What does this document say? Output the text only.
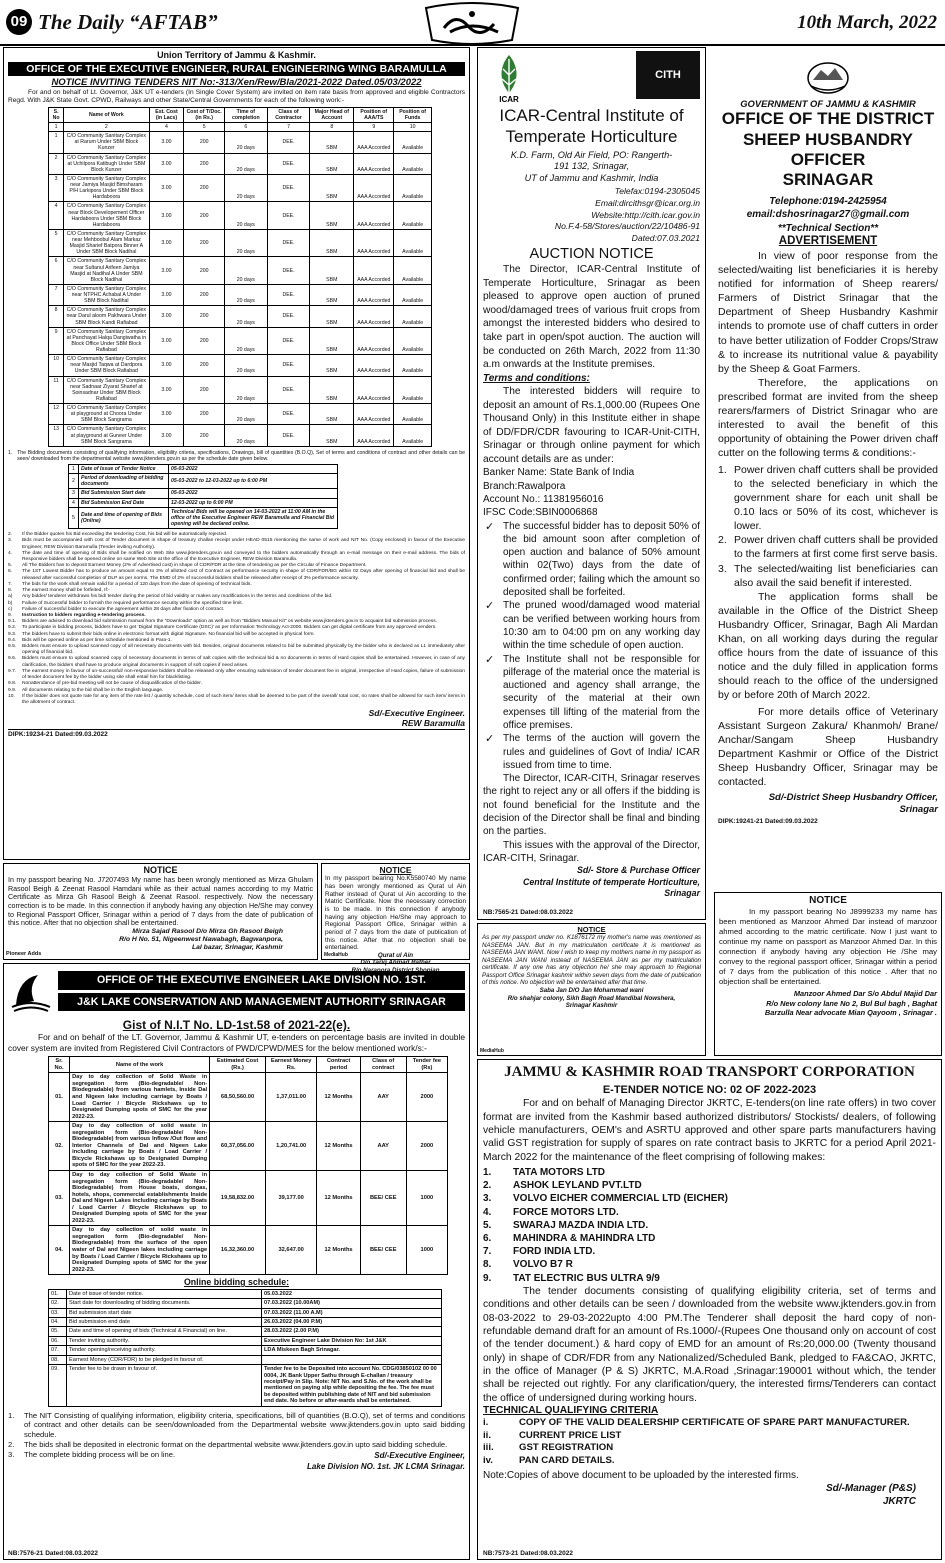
09 The Daily “AFTAB”	10th March, 2022
Union Territory of Jammu & Kashmir.
OFFICE OF THE EXECUTIVE ENGINEER, RURAL ENGINEERING WING BARAMULLA
NOTICE INVITING TENDERS NIT No:-313/Xen/Rew/Bla/2021-2022 Dated.05/03/2022

For and on behalf of Lt. Governor, J&K UT e-tenders (In Single Cover System) are invited on item rate basis from approved and eligible Contractors Regd. With J&K State Govt. CPWD, Railways and other State/Central Governments for each of the following work:-

S. No	Name of Work	Est. Cost (in Lacs)	Cost of T/Doc. (in Rs.)	Time of completion	Class of Contractor	Major Head of Account	Position of AAA/TS	Position of Funds
1	2	4	5	6	7	8	9	10
1	C/O Community Sanitary Complex at Rarum Under SBM Block Kunzer	3.00	200	20 days	DEE.	SBM	AAA Accorded	Available
2	C/O Community Sanitary Complex at Uchilpora Katibugh Under SBM Block Kunzer	3.00	200	20 days	DEE.	SBM	AAA Accorded	Available
3	C/O Community Sanitary Complex near Jamiya Masjid Bimsharam P/H Larkipora Under SBM Block Hardaboora	3.00	200	20 days	DEE.	SBM	AAA Accorded	Available
4	C/O Community Sanitary Complex near Block Developement Officer Hardaboora Under SBM Block Hardaboora	3.00	200	20 days	DEE.	SBM	AAA Accorded	Available
5	C/O Community Sanitary Complex near Mehboobul Alam Markaz Masjid Sharief Batpora Binner A Under SBM Block Nadihal	3.00	200	20 days	DEE.	SBM	AAA Accorded	Available
6	C/O Community Sanitary Complex near Sultanul Arifeen Jamiya Masjid at Nadihal A Under SBM Block Nadihal	3.00	200	20 days	DEE.	SBM	AAA Accorded	Available
7	C/O Community Sanitary Complex near NTPHC Achabal A Under SBM Block Nadihal	3.00	200	20 days	DEE.	SBM	AAA Accorded	Available
8	C/O Community Sanitary Complex near Darul aloom Pakhwara Under SBM Block Kandi Rafiabad	3.00	200	20 days	DEE.	SBM	AAA Accorded	Available
9	C/O Community Sanitary Complex at Panchayat Halqa Dangiwatha in Block Office Under SBM Block Rafiabad	3.00	200	20 days	DEE.	SBM	AAA Accorded	Available
10	C/O Community Sanitary Complex near Masjid Taqwa at Dardpora Under SBM Block Rafiabad	3.00	200	20 days	DEE.	SBM	AAA Accorded	Available
11	C/O Community Sanitary Complex near Sadnaar Ziyarat Sharief at Soinsadnar Under SBM Block Rafiabad	3.00	200	20 days	DEE.	SBM	AAA Accorded	Available
12	C/O Community Sanitary Complex at playground at Choora Under SBM Block Sangrama	3.00	200	20 days	DEE.	SBM	AAA Accorded	Available
13	C/O Community Sanitary Complex at playground at Guneer Under SBM Block Sangrama	3.00	200	20 days	DEE.	SBM	AAA Accorded	Available
1. The Bidding documents consisting of qualifying information, eligibility criteria, specifications, Drawings, bill of quantities (B.O.Q), Set of terms and conditions of contract and other details can be seen/ downloaded from the departmental website www.jktenders.gov.in as per the schedule date given below.
1	Date of Issue of Tender Notice	05-03-2022
2	Period of downloading of bidding documents	05-03-2022 to 12-03-2022 up to 6:00 PM
3	Bid Submission Start date	05-03-2022
4	Bid Submission End Date	12-03-2022 up to 6:00 PM
5	Date and time of opening of Bids (Online)	Technical Bids will be opened on 14-03-2022 at 11:00 AM in the office of the Executive Engineer REW Baramulla and Financial Bid opening will be declared online.
2.	If the Bidder quotes his Bid exceeding the tendering Cost, his bid will be automatically rejected.
3.	Bids must be accompanied with cost of Tender document in shape of treasury challan receipt under HEAD 0515 mentioning the name of work and NIT No. (Copy enclosed) in favour of the Executive Engineer, REW Division Baramulla (Tender inviting Authority).
4.	The date and time of opening of Bids shall be notified on Web Site www.jktenders.gov.in and conveyed to the bidders automatically through an e-mail message on their e-mail address. The bids of Responsive bidders shall be opened online on same Web Site at the office of the Executive Engineer, REW Division Baramulla.
5.	All The Bidders has to deposit Earnest Money (2% of Advertised cost) in shape of CDR/FDR at the time of tendering as per the Circular of Finance Department.
6.	The 1ST Lowest Bidder has to produce an amount equal to 3% of allotted cost of Contract as performance security in shape of CDR/FDR/BG within 02 Days after opening of financial bid and shall be released after successful completion of DLP as per norms. The EMD of 2% of successful bidders shall be released after receipt of 3% performance security.
7.	The bids for the work shall remain valid for a period of 120 days from the date of opening of technical bids.
8.	The earnest money shall be forfeited, If:-
a)	Any bidder/ tenderer withdraws his bid/ tender during the period of bid validity or makes any modifications in the terms and conditions of the bid.
b)	Failure of Successful bidder to furnish the required performance security within the specified time limit.
c)	Failure of successful bidder to execute the agreement within 28 days after fixation of contract.
9.	Instruction to bidders regarding e-tendering process.
9.1.	Bidders are advised to download bid submission manual from the “Downloads” option as well as from “Bidders Manual Kit” on website www.jktenders.gov.in to acquaint bid submission process.
9.2.	To participate in bidding process, bidders have to get ‘Digital Signature Certificate (DSC)’ as per Information Technology Act-2000. Bidders can get digital certificate from any approved venders.
9.3.	The bidders have to submit their bids online in electronic format with digital Signature. No financial bid will be accepted in physical form.
9.4.	Bids will be opened online as per time schedule mentioned in Para-1.
9.5.	Bidders must ensure to upload scanned copy of all necessary documents with bid. Besides, original documents related to bid be submitted physically by the bidder who is declared as L1 immediately after opening of financial bid.
9.6.	Bidders must ensure to upload scanned copy of necessary documents in terms of salt copies with the technical bid & no documents in terms of Hard copies shall be entertained. However, in case of any clarification, the bidders shall have to produce original documents in support of soft copies if need arises.
9.7.	The earnest money in favour of un-successful/ non-responsive bidders shall be released only after ensuring submission of tender document fee in original, irrespective of Hard copies, failure of submission of tender document fee by the bidder using site shall entail him for blacklisting.
9.8.	Nonattendance of pre-bid meeting will not be cause of disqualification of the bidder.
9.9.	All documents relating to the bid shall be in the English language.
10.	If the bidder does not quote rate for any item of the rate list / quantity schedule, cost of such item/ items shall be deemed to be part of the overall/ total cost, no rates shall be allowed for such item/ items in the allotment of contract.
Sd/-Executive Engineer.
REW Baramulla
DIPK:19234-21 Dated:09.03.2022
ICAR
CITH
ICAR-Central Institute of
Temperate Horticulture
K.D. Farm, Old Air Field, PO: Rangerth-
191 132, Srinagar,
UT of Jammu and Kashmir, India
Telefax:0194-2305045
Email:dircithsgr@icar.org.in
Website:http://cith.icar.gov.in
No.F.4-58/Stores/auction/22/10486-91
Dated:07.03.2021
AUCTION NOTICE

The Director, ICAR-Central Institute of Temperate Horticulture, Srinagar as been pleased to approve open auction of pruned wood/damaged trees of various fruit crops from amongst the interested bidders who desired to take part in open/spot auction. The auction will be conducted on 26th March, 2022 from 11:30 a.m onwards at the Institute premises.

Terms and conditions:

The interested bidders will require to deposit an amount of Rs.1,000.00 (Rupees One Thousand Only) in this Institute either in shape of DD/FDR/CDR favouring to ICAR-Unit-CITH, Srinagar or through online payment for which account details are as under:

Banker Name: State Bank of India
Branch:Rawalpora
Account No.: 11381956016
IFSC Code:SBIN0006868

✓ The successful bidder has to deposit 50% of the bid amount soon after completion of open auction and balance of 50% amount within 02(Two) days from the date of confirmed order; failing which the amount so deposited shall be forfeited.

✓ The pruned wood/damaged wood material can be verified between working hours from 10:30 am to 04:00 pm on any working day within the time schedule of open auction.

✓ The Institute shall not be responsible for pilferage of the material once the material is auctioned and agency shall arrange, the security of the material at their own expenses till lifting of the material from the office premises.

✓ The terms of the auction will govern the rules and guidelines of Govt of India/ ICAR issued from time to time.

The Director, ICAR-CITH, Srinagar reserves the right to reject any or all offers if the bidding is not found beneficial for the Institute and the decision of the Director shall be final and binding on the parties.

This issues with the approval of the Director, ICAR-CITH, Srinagar.

Sd/- Store & Purchase Officer
Central Institute of temperate Horticulture,
Srinagar
NB:7565-21 Dated:08.03.2022
GOVERNMENT OF JAMMU & KASHMIR
OFFICE OF THE DISTRICT
SHEEP HUSBANDRY OFFICER
SRINAGAR
Telephone:0194-2425954
email:dshosrinagar27@gmail.com
**Technical Section**
ADVERTISEMENT

In view of poor response from the selected/waiting list beneficiaries it is hereby notified for information of Sheep rearers/ Farmers of District Srinagar that the Department of Sheep Husbandry Kashmir intends to promote use of chaff cutters in order to have better utilization of Fodder Crops/Straw & to increase its nutritional value & payability by the Sheep & Goat Farmers.

Therefore, the applications on prescribed format are invited from the sheep rearers/farmers of District Srinagar who are interested to avail the benefit of this opportunity of obtaining the Power driven chaff cutter on the following terms & conditions:-

1. Power driven chaff cutters shall be provided to the selected beneficiary in which the government share for each unit shall be 0.10 lacs or 50% of its cost, whichever is lower.
2. Power driven chaff cutters shall be provided to the farmers at first come first serve basis.
3. The selected/waiting list beneficiaries can also avail the said benefit if interested.

The application forms shall be available in the Office of the District Sheep Husbandry Officer, Srinagar, Bagh Ali Mardan Khan, on all working days during the regular office hours from the date of issuance of this notice and the duly filled in application forms should reach to the office of the undersigned by or before 20th of March 2022.

For more details office of Veterinary Assistant Surgeon Zakura/ Khanmoh/ Brane/ Anchar/Sangam Sheep Husbandry Department Kashmir or Office of the District Sheep Husbandry Officer, Srinagar may be contacted.

Sd/-District Sheep Husbandry Officer,
Srinagar
DIPK:19241-21 Dated:09.03.2022
NOTICE

In my passport bearing No. J7207493 My name has been wrongly mentioned as Mirza Ghulam Rasool Beigh & Zeenat Rasool Hamdani while as their actual names according to my Matric Certificate as Mirza Gh Rasool Beigh & Zeenat Rasool. respectively. Now the necessary correction is to be made. In this connection if anybody having any objection He/She may convey to Regional Passport Officer, Srinagar within a period of 7 days from the date of publication of this notice. After that no objection shall be entertained.

Mirza Sajad Rasool D/o Mirza Gh Rasool Beigh
R/o H No. 51, Nigeenwest Nawabagh, Bagwanpora,
Lal bazar, Srinagar, Kashmir
Pioneer Adds
NOTICE

In my passport bearing No.K5580740 My name has been wrongly mentioned as Qurat ul Ain Rather instead of Qurat ul Ain according to the Matric Certificate. Now the necessary correction is to be made. In this connection if anybody having any objection He/She may approach to Regional Passport Office, Srinagar within a period of 7 days from the date of publication of this notice. After that no objection shall be entertained.

Qurat ul Ain
D/o Tariq Ahmad Rather
MediaHub
NOTICE

As per my passport under no. K1876172 my mother's name was mentioned as NASEEMA JAN. But in my matriculation certificate it is mentioned as NASEEMA JAN WANI. Now I wish to keep my mothers name in my passport as NASEEMA JAN WANI instead of NASEEMA JAN as per my matriculation certificate. If any one has any objection he/ she may approach to Regional Passport Office Srinagar kashmir within seven days from the date of publication of this notice. No objection will be entertained after that time.

Saba Jan D/O Jan Mohammad wani
R/o shahjar colony, Sikh Bagh Road Mandibal Nowshera,
Srinagar Kashmir
MediaHub
NOTICE

In my passport bearing No J8999233 my name has been mentioned as Manzoor Ahmed Dar instead of manzoor ahmed according to the matric certificate. Now I just want to continue my name on passport as Manzoor Ahmed Dar. In this connection if anybody having any objection He /She may convey to the regional passport officer, Srinagar within a period of 7 days from the publication of this notice . After that no objection shall be entertained.

Manzoor Ahmed Dar S/o Abdul Majid Dar
R/o New colony lane No 2, Bul Bul bagh , Baghat
Barzulla Near advocate Mian Qayoom , Srinagar .
OFFICE OF THE EXECUTIVE ENGINEER LAKE DIVISION NO. 1ST.
J&K LAKE CONSERVATION AND MANAGEMENT AUTHORITY SRINAGAR
Gist of N.I.T No. LD-1st.58 of 2021-22(e).

For and on behalf of the LT. Governor, Jammu & Kashmir UT, e-tenders on percentage basis are invited in double cover system are invited from Registered Civil Contractors of PWD/CPWD/MES for the below mentioned work/s:-

Sr. No.	Name of the work	Estimated Cost (Rs.)	Earnest Money Rs.	Contract period	Class of contract	Tender fee (Rs)
01.	Day to day collection of Solid Waste in segregation form (Bio-degradable/ Non-Biodegradable) from various hamlets, Inside Dal and Nigeen lake including carriage by Boats / Load Carrier / Bicycle Rickshaws up to Designated Dumping spots of SMC for the year 2022-23.	68,50,560.00	1,37,011.00	12 Months	AAY	2000
02.	Day to day collection of solid waste in segregation form (Bio-degradable/ Non-Biodegradable) from various Inflow /Out flow and Interior Channels of Dal and Nigeen Lake including carriage by Boats / Load Carrier / Bicycle Rickshaws up to Designated Dumping spots of SMC for the year 2022-23.	60,37,056.00	1,20,741.00	12 Months	AAY	2000
03.	Day to day collection of Solid Waste in segregation form (Bio-degradable/ Non-Biodegradable) from House boats, dongas, hotels, shops, commercial establishments Inside Dal and Nigeen Lakes including carriage by Boats / Load Carrier / Bicycle Rickshaws up to Designated Dumping spots of SMC for the year 2022-23.	19,58,832.00	39,177.00	12 Months	BEE/ CEE	1000
04.	Day to day collection of solid waste in segregation form (Bio-degradable/ Non-Biodegradable) from the surface of the open water of Dal and Nigeen lakes including carriage by Boats / Load Carrier / Bicycle Rickshaws up to Designated Dumping spots of SMC for the year 2022-23.	16,32,360.00	32,647.00	12 Months	BEE/ CEE	1000
Online bidding schedule:
01.	Date of issue of tender notice.	05.03.2022
02.	Start date for downloading of bidding documents.	07.03.2022 (10.00AM)
03.	Bid submission start date	07.03.2022 (11.00 A.M)
04.	Bid submission end date	26.03.2022 (04.00 P.M)
05.	Date and time of opening of bids (Technical & Financial) on line.	28.03.2022 (2.00 P.M)
06.	Tender inviting authority.	Executive Engineer Lake Division No: 1st J&K
07.	Tender opening/receiving authority.	LDA Miskeen Bagh Srinagar.
08.	Earnest Money (CDR/FDR) to be pledged in favour of.	
09.	Tender fee to be drawn in favour of.	Tender fee to be Deposited into account No. CDG/03850102 00 00 0004, JK Bank Upper Sathu through E-challan / treasury receipt/Pay in Slip. Note: NIT No. and S.No. of the work shall be mentioned on paying slip while depositing the fee. The fee must be deposited within publishing date of NIT and bid submission end date. No before or after-wards shall be entertained.
1.	The NIT Consisting of qualifying information, eligibility criteria, specifications, bill of quantities (B.O.Q), set of terms and conditions of contract and other details can be seen/downloaded from the Departmental website www.jktenders.gov.in upto said bidding schedule.
2.	The bids shall be deposited in electronic format on the departmental website www.jktenders.gov.in upto said bidding schedule.
3.	The complete bidding process will be on line.	Sd/-Executive Engineer,
Lake Division NO. 1st. JK LCMA Srinagar.
NB:7576-21 Dated:08.03.2022
JAMMU & KASHMIR ROAD TRANSPORT CORPORATION
E-TENDER NOTICE NO: 02 OF 2022-2023

For and on behalf of Managing Director JKRTC, E-tenders(on line rate offers) in two cover format are invited from the Kashmir based authorized distributors/ Stockists/ dealers, of following vehicle manufacturers, OEM's and ASRTU approved and other spare parts manufacturers having valid GST registration for supply of spares on rate contract basis to JKRTC for a period April 2021- March 2022 for the maintenance of the fleet comprising of following makes:

1.	TATA MOTORS LTD
2.	ASHOK LEYLAND PVT.LTD
3.	VOLVO EICHER COMMERCIAL LTD (EICHER)
4.	FORCE MOTORS LTD.
5.	SWARAJ MAZDA INDIA LTD.
6.	MAHINDRA & MAHINDRA LTD
7.	FORD INDIA LTD.
8.	VOLVO B7 R
9.	TAT ELECTRIC BUS ULTRA 9/9

The tender documents consisting of qualifying eligibility criteria, set of terms and conditions and other details can be seen / downloaded from the website www.jktenders.gov.in from 08-03-2022 to 29-03-2022upto 4:00 PM.The Tenderer shall deposit the hard copy of non-refundable demand draft for an amount of Rs.1000/-(Rupees One thousand only on account of cost of the tender document.) & hard copy of EMD for an amount of Rs:20,000.00 (Twenty thousand only) in shape of CDR/FDR from any Nationalized/Scheduled Bank, pledged to FA&CAO, JKRTC, in the office of Manager (P & S) JKRTC, M.A.Road ,Srinagar:190001 without which, the tender shall be rejected out rightly. For any clarification/query, the interested firms/Tenderers can contact the office of undersigned during working hours.

TECHNICAL QUALIFYING CRITERIA
i.	COPY OF THE VALID DEALERSHIP CERTIFICATE OF SPARE PART MANUFACTURER.
ii.	CURRENT PRICE LIST
iii.	GST REGISTRATION
iv.	PAN CARD DETAILS.
Note:Copies of above document to be uploaded by the interested firms.
Sd/-Manager (P&S)
JKRTC
NB:7573-21 Dated:08.03.2022
